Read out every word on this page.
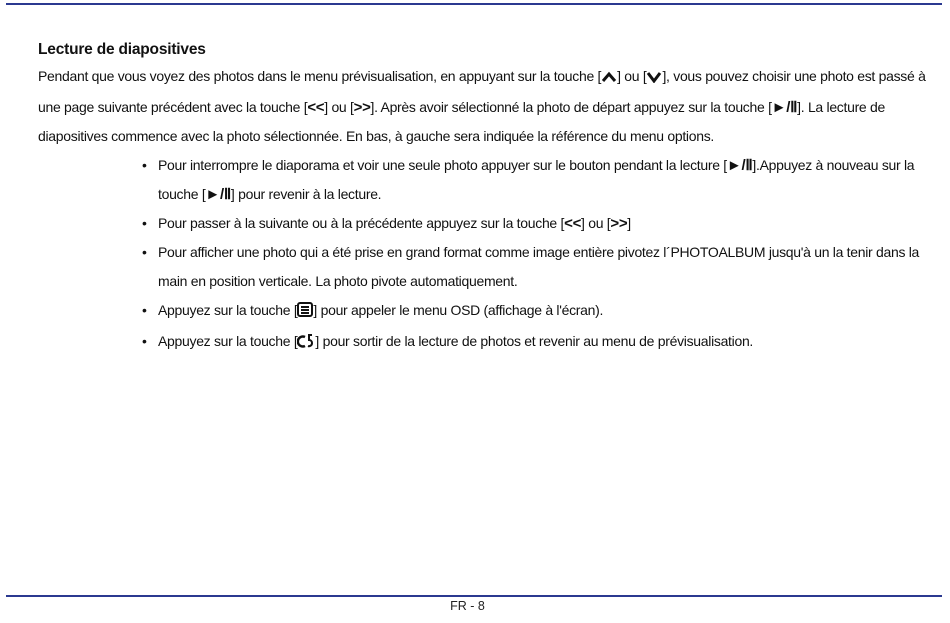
Lecture de diapositives

Pendant que vous voyez des photos dans le menu prévisualisation, en appuyant sur la touche [ ] ou [ ], vous pouvez choisir une photo est passé à une page suivante précédent avec la touche [<<] ou [>>]. Après avoir sélectionné la photo de départ appuyez sur la touche [►/Ⅱ]. La lecture de diapositives commence avec la photo sélectionnée. En bas, à gauche sera indiquée la référence du menu options.

• Pour interrompre le diaporama et voir une seule photo appuyer sur le bouton pendant la lecture [►/Ⅱ].Appuyez à nouveau sur la touche [►/Ⅱ] pour revenir à la lecture.
• Pour passer à la suivante ou à la précédente appuyez sur la touche [<<] ou [>>]
• Pour afficher une photo qui a été prise en grand format comme image entière pivotez l´PHOTOALBUM jusqu'à un la tenir dans la main en position verticale. La photo pivote automatiquement.
• Appuyez sur la touche [ ] pour appeler le menu OSD (affichage à l'écran).
• Appuyez sur la touche [ ] pour sortir de la lecture de photos et revenir au menu de prévisualisation.
FR - 8
